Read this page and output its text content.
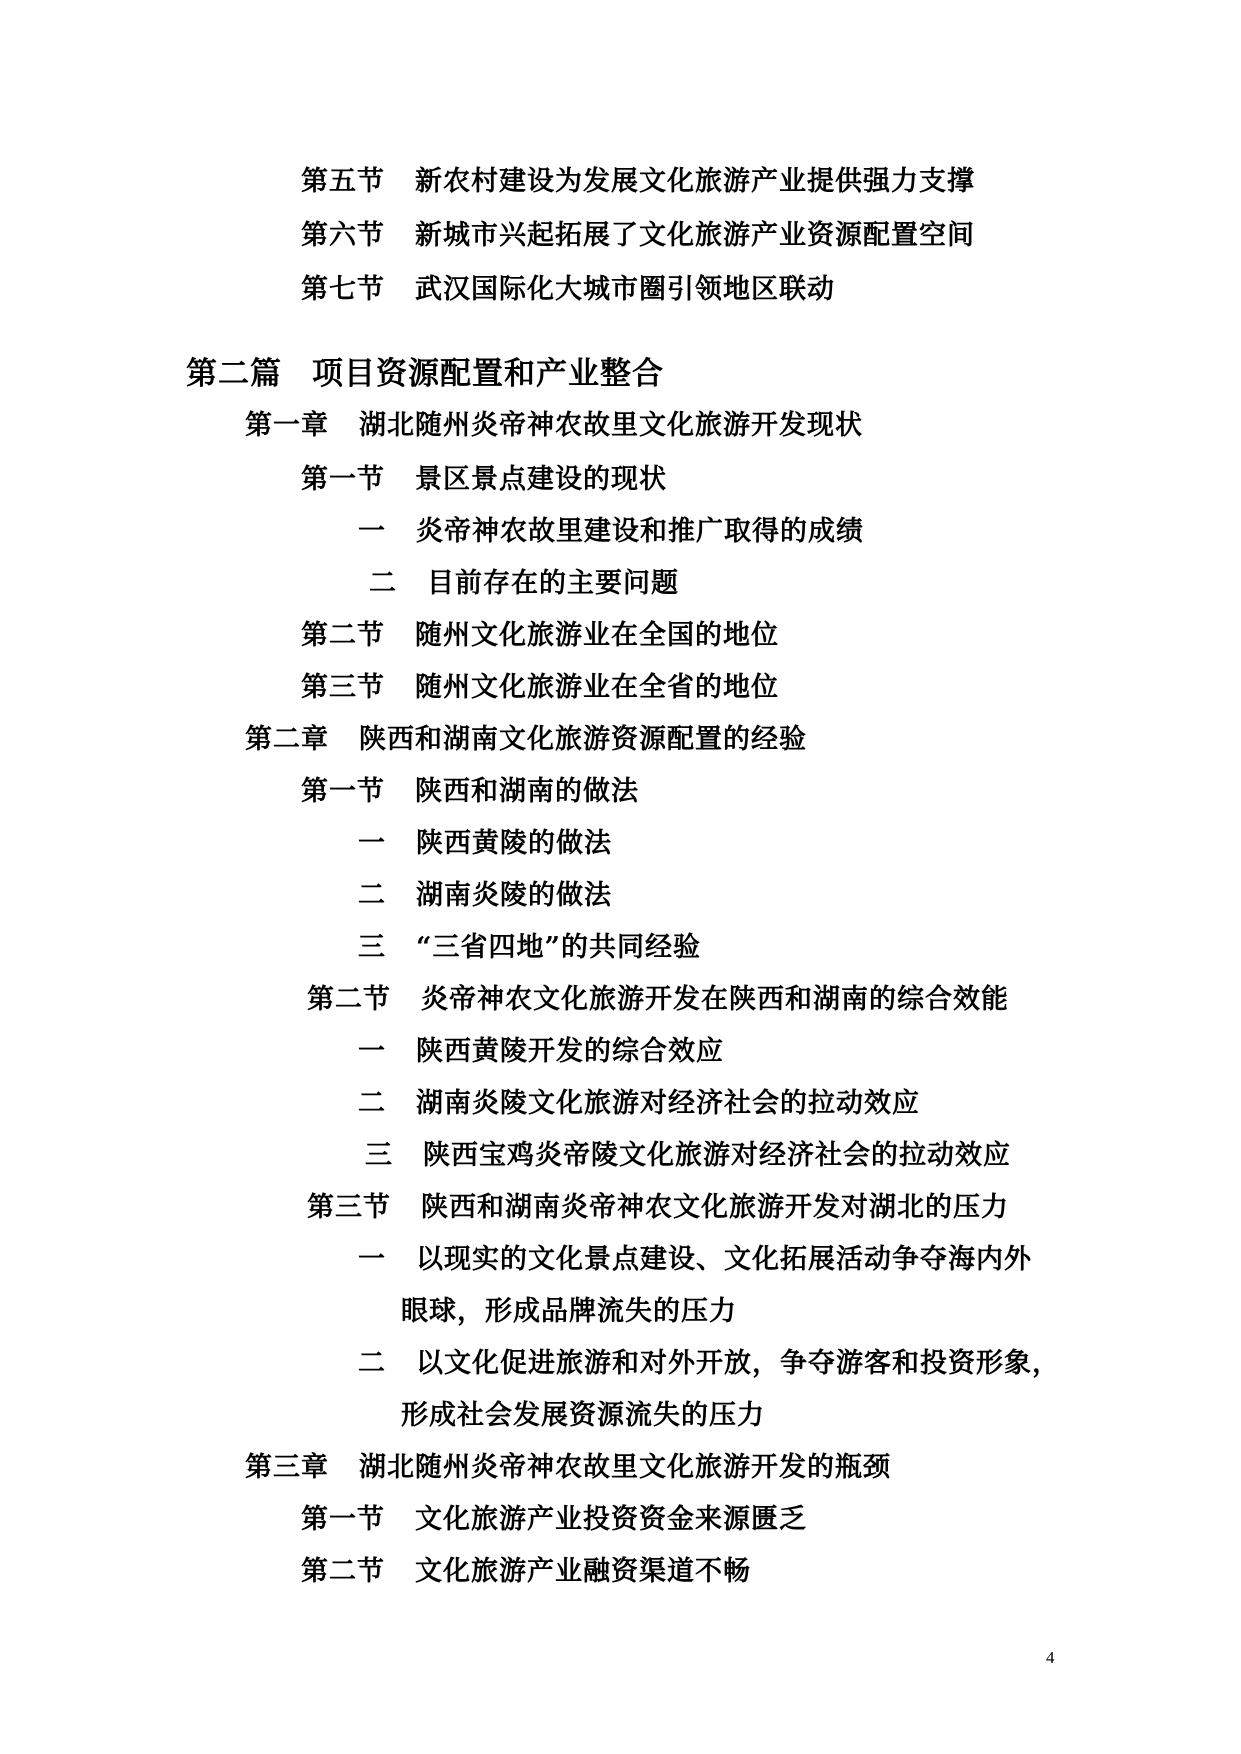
第五节 新农村建设为发展文化旅游产业提供强力支撑
第六节 新城市兴起拓展了文化旅游产业资源配置空间
第七节 武汉国际化大城市圈引领地区联动
第二篇 项目资源配置和产业整合
第一章 湖北随州炎帝神农故里文化旅游开发现状
第一节 景区景点建设的现状
一 炎帝神农故里建设和推广取得的成绩
二 目前存在的主要问题
第二节 随州文化旅游业在全国的地位
第三节 随州文化旅游业在全省的地位
第二章 陕西和湖南文化旅游资源配置的经验
第一节 陕西和湖南的做法
一 陕西黄陵的做法
二 湖南炎陵的做法
三 “三省四地”的共同经验
第二节 炎帝神农文化旅游开发在陕西和湖南的综合效能
一 陕西黄陵开发的综合效应
二 湖南炎陵文化旅游对经济社会的拉动效应
三 陕西宝鸡炎帝陵文化旅游对经济社会的拉动效应
第三节 陕西和湖南炎帝神农文化旅游开发对湖北的压力
一 以现实的文化景点建设、文化拓展活动争夺海内外
眼球，形成品牌流失的压力
二 以文化促进旅游和对外开放，争夺游客和投资形象，
形成社会发展资源流失的压力
第三章 湖北随州炎帝神农故里文化旅游开发的瓶颈
第一节 文化旅游产业投资资金来源匮乏
第二节 文化旅游产业融资渠道不畅
4
